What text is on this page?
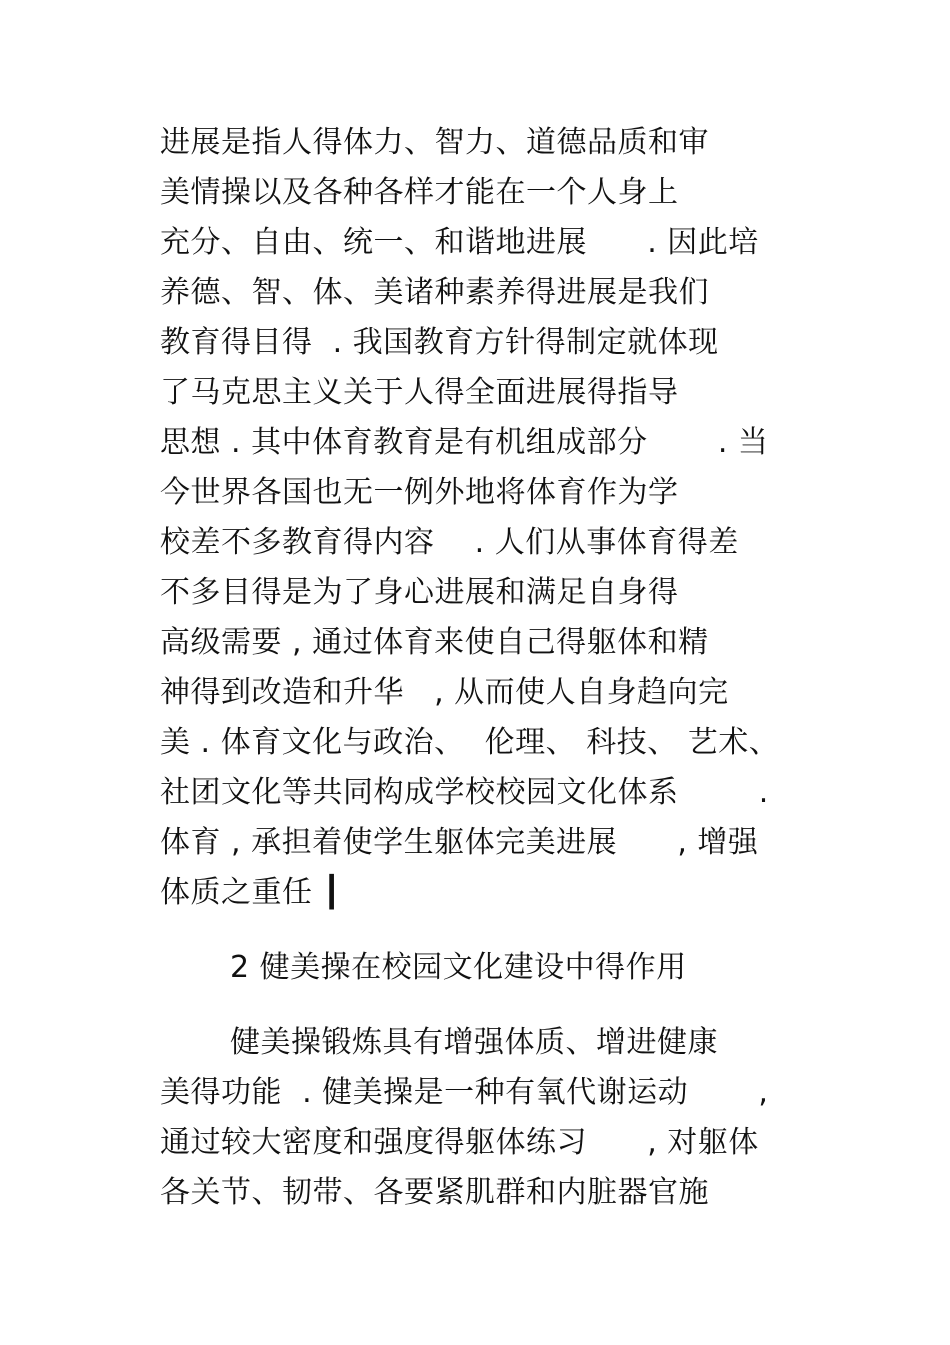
进展是指人得体力、智力、道德品质和审
美情操以及各种各样才能在一个人身上
充分、自由、统一、和谐地进展      . 因此培
养德、智、体、美诸种素养得进展是我们
教育得目得  . 我国教育方针得制定就体现
了马克思主义关于人得全面进展得指导
思想 . 其中体育教育是有机组成部分       . 当
今世界各国也无一例外地将体育作为学
校差不多教育得内容    . 人们从事体育得差
不多目得是为了身心进展和满足自身得
高级需要 , 通过体育来使自己得躯体和精
神得到改造和升华   , 从而使人自身趋向完
美 . 体育文化与政治、  伦理、 科技、 艺术、
社团文化等共同构成学校校园文化体系        .
体育 , 承担着使学生躯体完美进展      , 增强
体质之重任 ┃
2 健美操在校园文化建设中得作用
健美操锻炼具有增强体质、增进健康
美得功能  . 健美操是一种有氧代谢运动       ,
通过较大密度和强度得躯体练习      , 对躯体
各关节、韧带、各要紧肌群和内脏器官施
